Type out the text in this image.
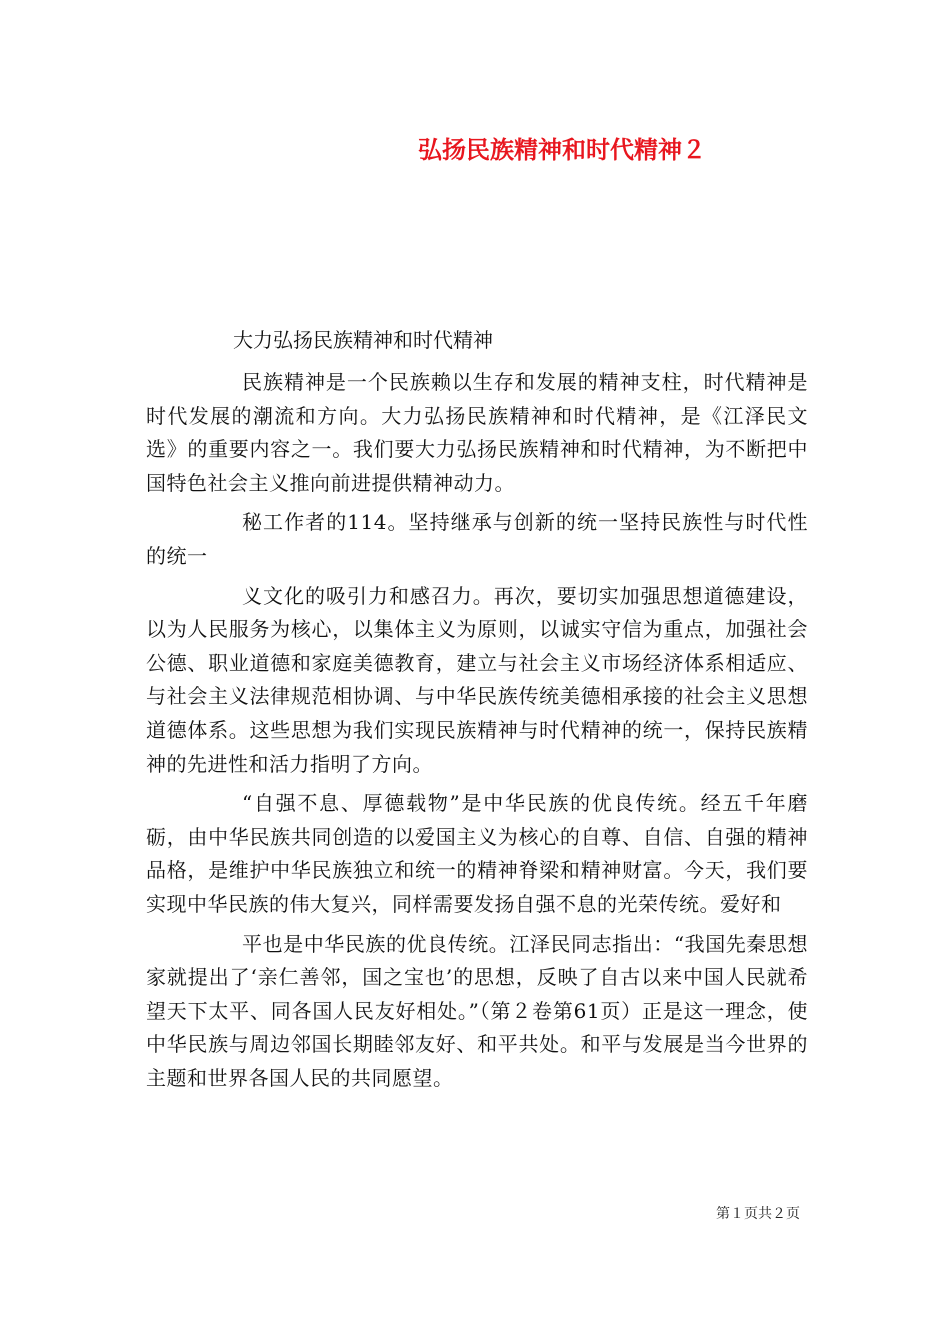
弘扬民族精神和时代精神２

大力弘扬民族精神和时代精神

民族精神是一个民族赖以生存和发展的精神支柱，时代精神是时代发展的潮流和方向。大力弘扬民族精神和时代精神，是《江泽民文选》的重要内容之一。我们要大力弘扬民族精神和时代精神，为不断把中国特色社会主义推向前进提供精神动力。

秘工作者的114。坚持继承与创新的统一坚持民族性与时代性的统一

义文化的吸引力和感召力。再次，要切实加强思想道德建设，以为人民服务为核心，以集体主义为原则，以诚实守信为重点，加强社会公德、职业道德和家庭美德教育，建立与社会主义市场经济体系相适应、与社会主义法律规范相协调、与中华民族传统美德相承接的社会主义思想道德体系。这些思想为我们实现民族精神与时代精神的统一，保持民族精神的先进性和活力指明了方向。

“自强不息、厚德载物”是中华民族的优良传统。经五千年磨砺，由中华民族共同创造的以爱国主义为核心的自尊、自信、自强的精神品格，是维护中华民族独立和统一的精神脊梁和精神财富。今天，我们要实现中华民族的伟大复兴，同样需要发扬自强不息的光荣传统。爱好和

平也是中华民族的优良传统。江泽民同志指出：“我国先秦思想家就提出了‘亲仁善邻，国之宝也’的思想，反映了自古以来中国人民就希望天下太平、同各国人民友好相处。”（第２卷第61页）正是这一理念，使中华民族与周边邻国长期睦邻友好、和平共处。和平与发展是当今世界的主题和世界各国人民的共同愿望。

第１页共２页
